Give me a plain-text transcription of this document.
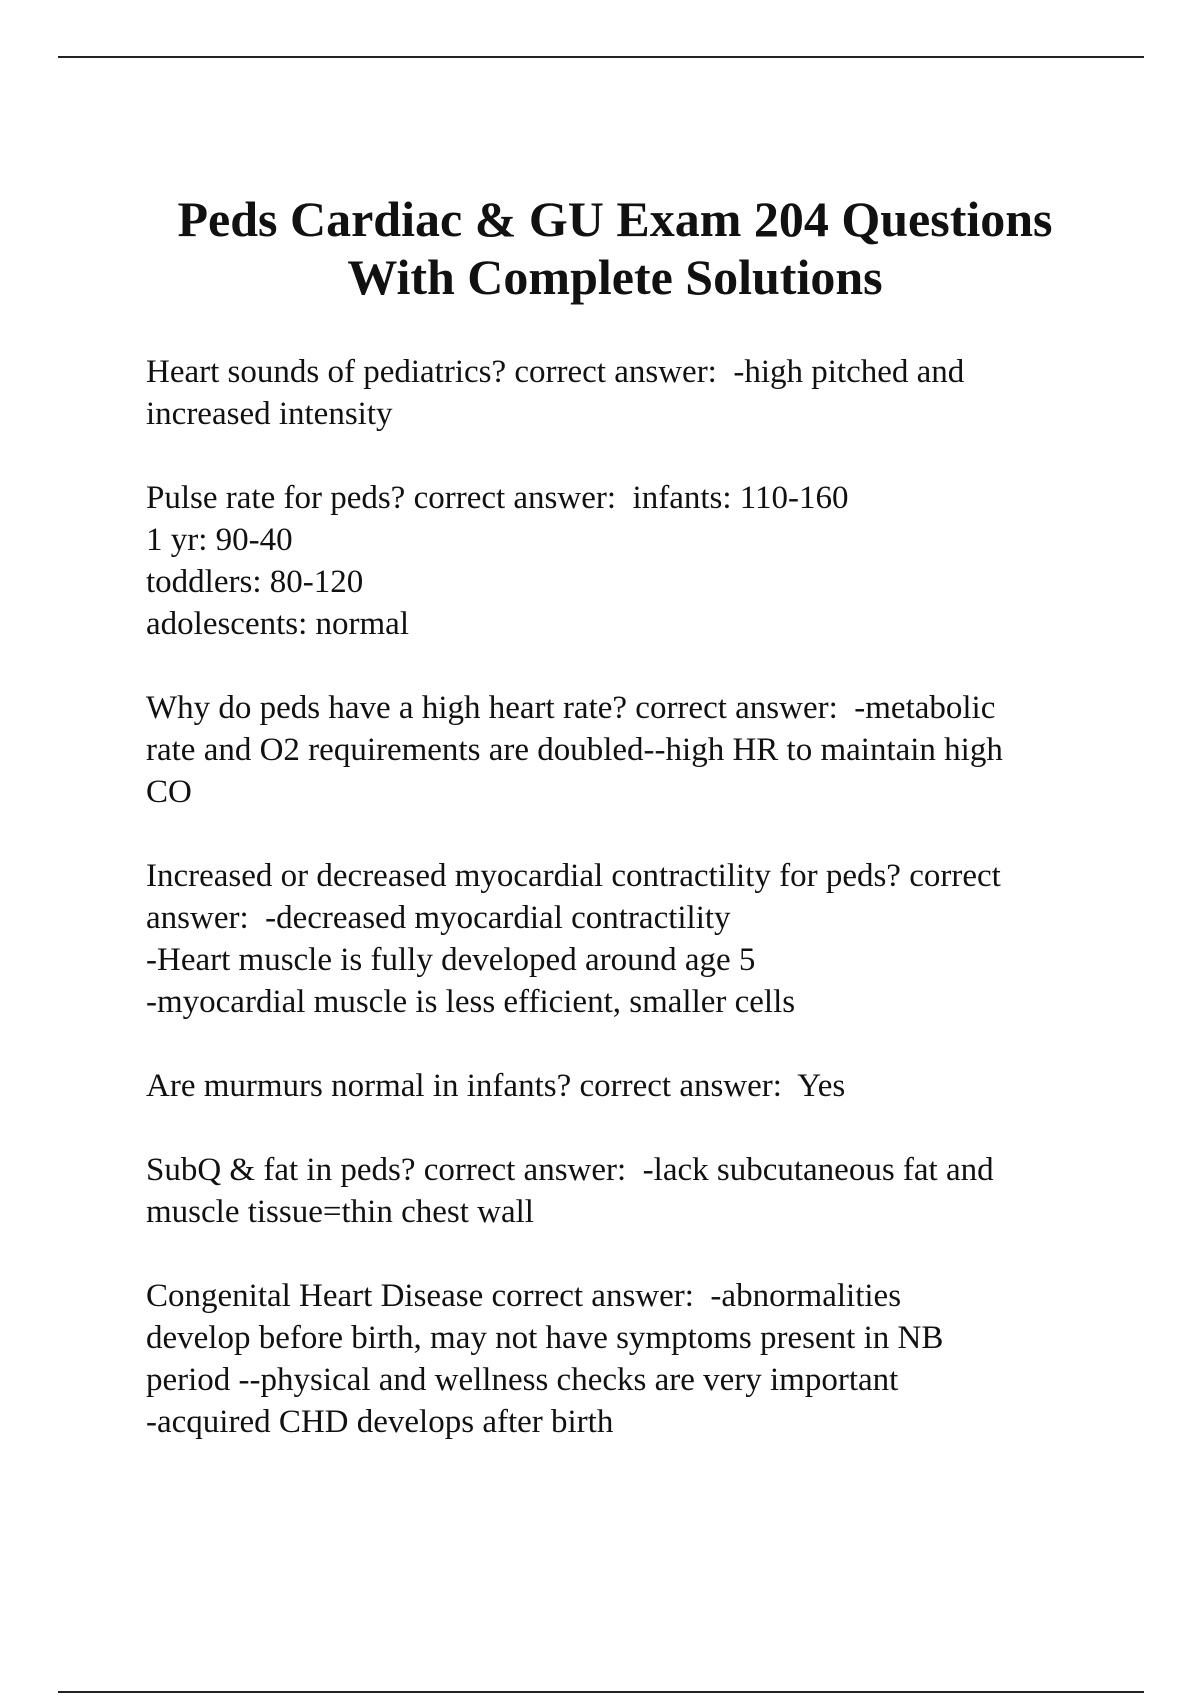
Peds Cardiac & GU Exam 204 Questions
With Complete Solutions
Heart sounds of pediatrics? correct answer:  -high pitched and
increased intensity
Pulse rate for peds? correct answer:  infants: 110-160
1 yr: 90-40
toddlers: 80-120
adolescents: normal
Why do peds have a high heart rate? correct answer:  -metabolic
rate and O2 requirements are doubled--high HR to maintain high
CO
Increased or decreased myocardial contractility for peds? correct
answer:  -decreased myocardial contractility
-Heart muscle is fully developed around age 5
-myocardial muscle is less efficient, smaller cells
Are murmurs normal in infants? correct answer:  Yes
SubQ & fat in peds? correct answer:  -lack subcutaneous fat and
muscle tissue=thin chest wall
Congenital Heart Disease correct answer:  -abnormalities
develop before birth, may not have symptoms present in NB
period --physical and wellness checks are very important
-acquired CHD develops after birth
